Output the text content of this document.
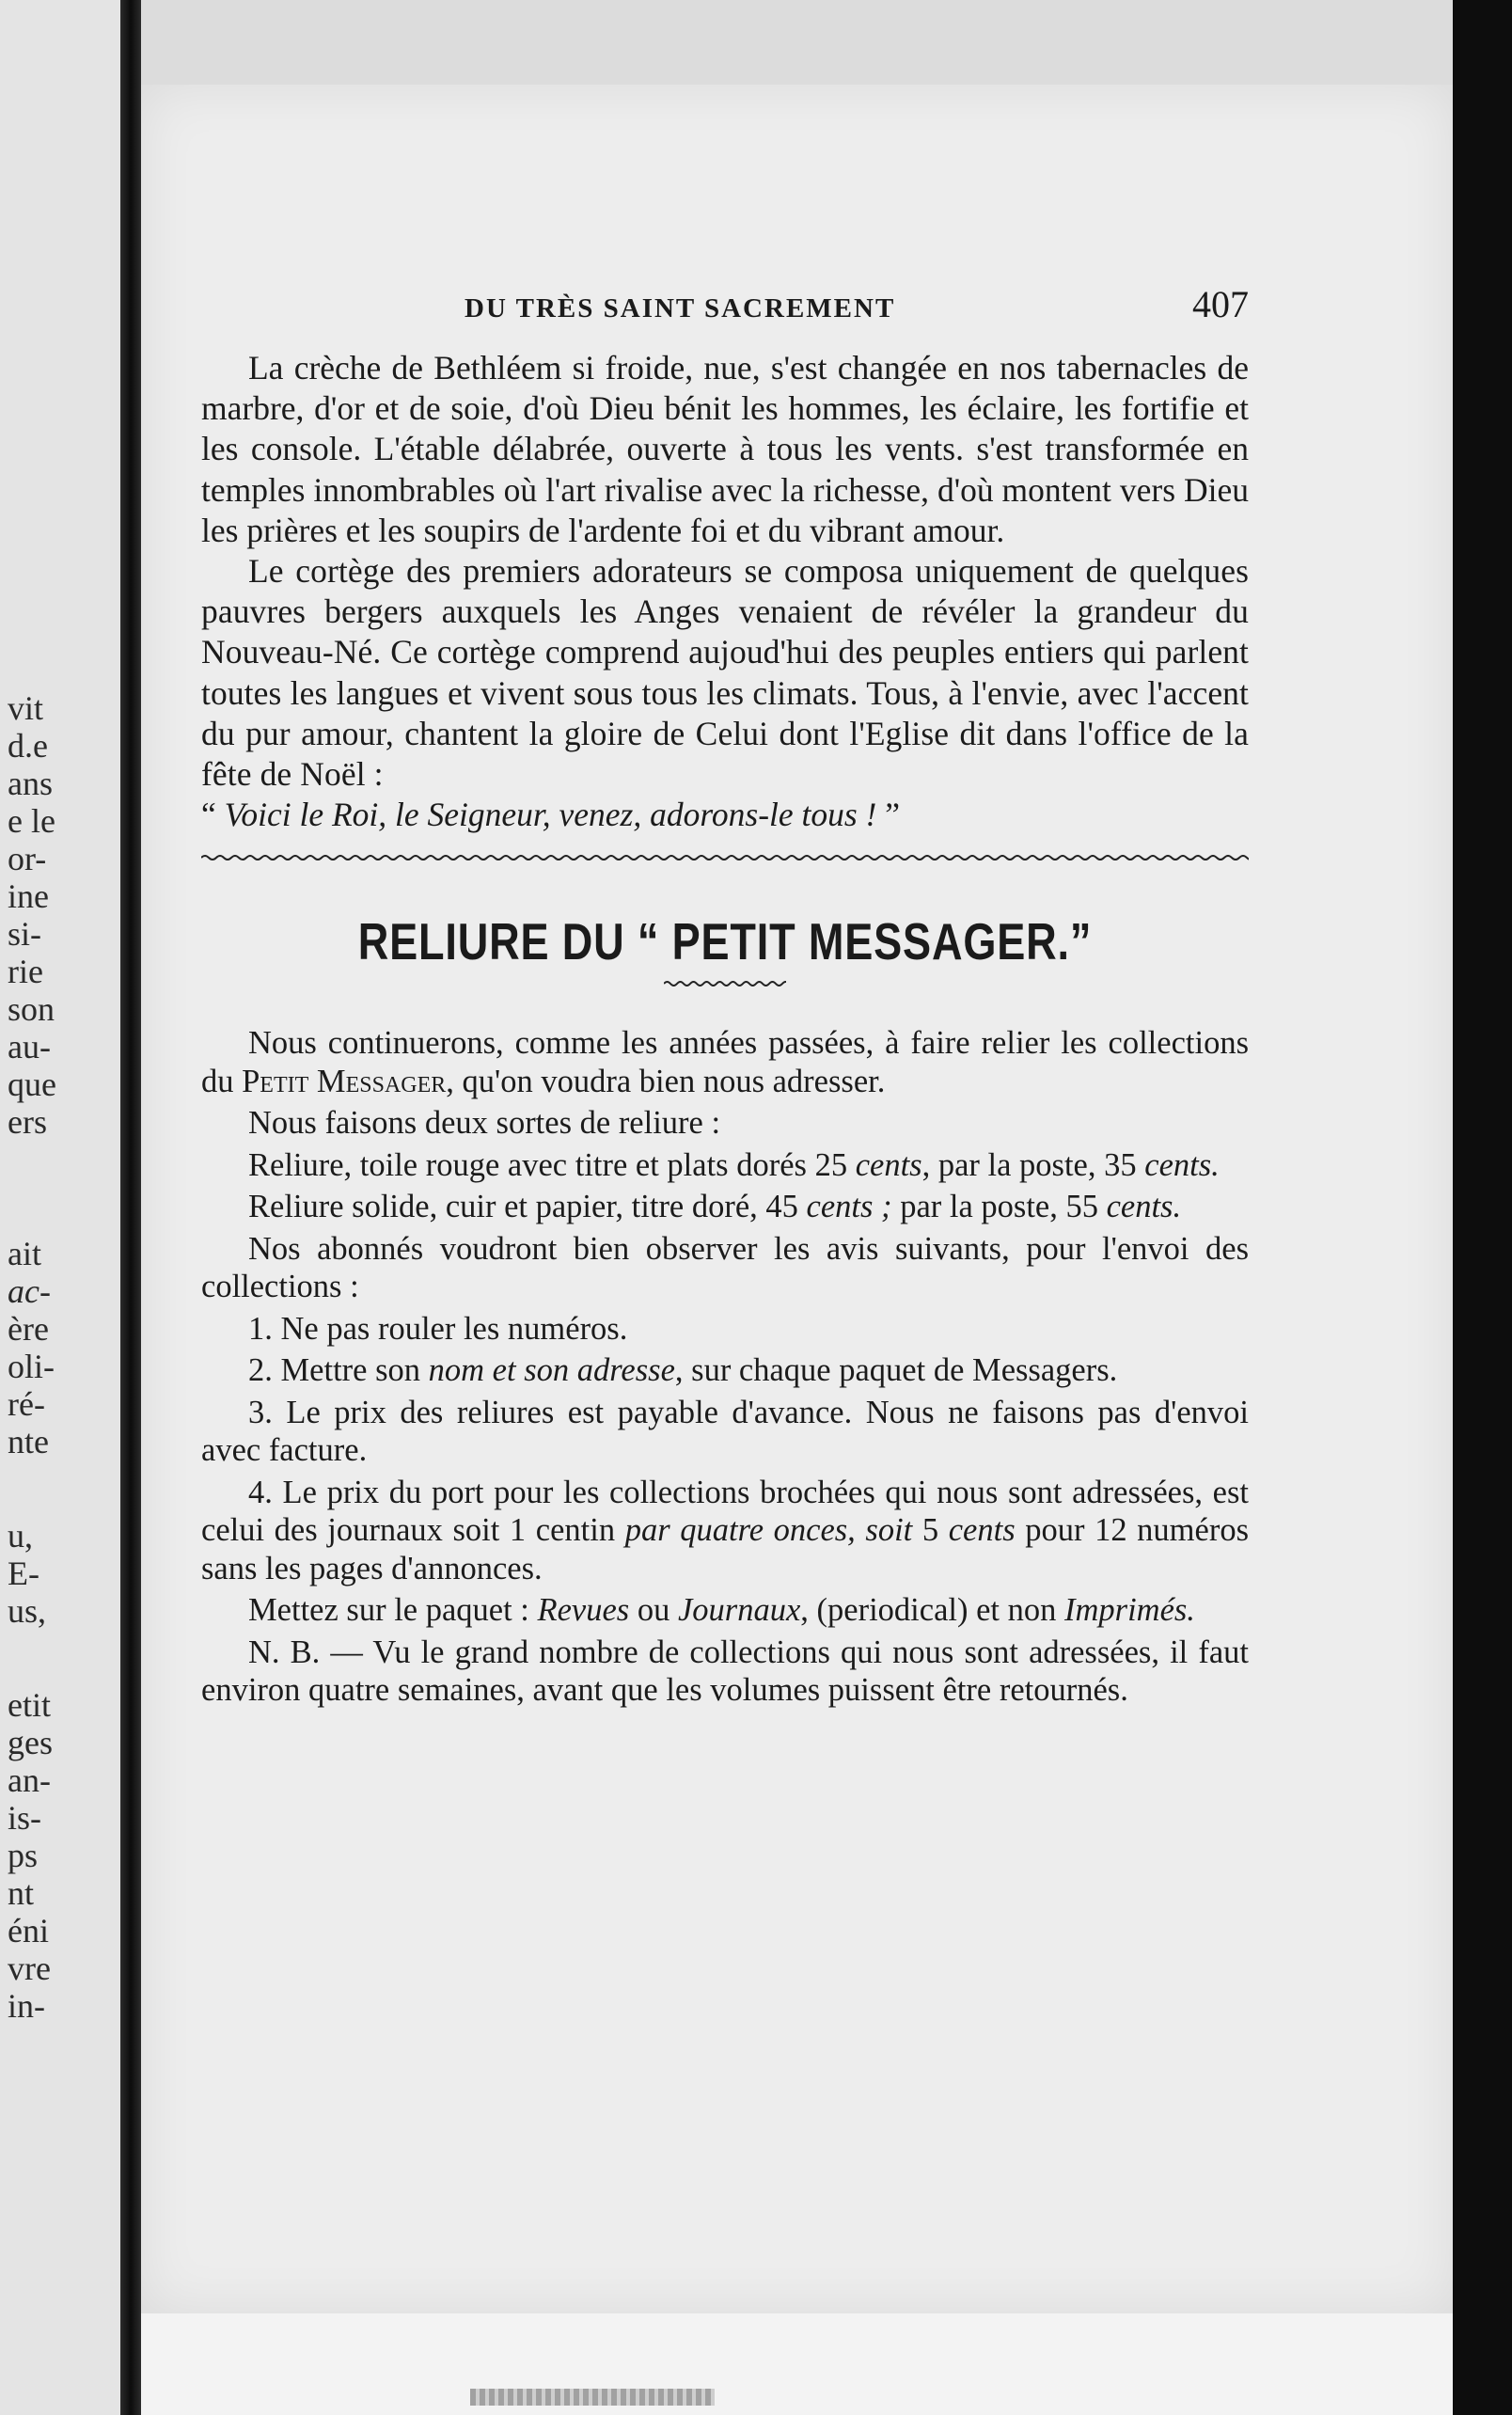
vit
d.e
ans
e le
or-
ine
si-
rie
son
au-
que
ers
ait
ac-
ère
oli-
ré-
nte
u,
E-
us,
etit
ges
an-
is-
ps
nt
éni
vre
in-
DU TRÈS SAINT SACREMENT	407

La crèche de Bethléem si froide, nue, s'est changée en nos tabernacles de marbre, d'or et de soie, d'où Dieu bénit les hommes, les éclaire, les fortifie et les console. L'étable délabrée, ouverte à tous les vents. s'est transformée en temples innombrables où l'art rivalise avec la richesse, d'où montent vers Dieu les prières et les soupirs de l'ardente foi et du vibrant amour.

Le cortège des premiers adorateurs se composa uniquement de quelques pauvres bergers auxquels les Anges venaient de révéler la grandeur du Nouveau-Né. Ce cortège comprend aujoud'hui des peuples entiers qui parlent toutes les langues et vivent sous tous les climats. Tous, à l'envie, avec l'accent du pur amour, chantent la gloire de Celui dont l'Eglise dit dans l'office de la fête de Noël :

“ Voici le Roi, le Seigneur, venez, adorons-le tous ! ”

RELIURE DU “ PETIT MESSAGER.”

Nous continuerons, comme les années passées, à faire relier les collections du Petit Messager, qu'on voudra bien nous adresser.

Nous faisons deux sortes de reliure :

Reliure, toile rouge avec titre et plats dorés 25 cents, par la poste, 35 cents.

Reliure solide, cuir et papier, titre doré, 45 cents ; par la poste, 55 cents.

Nos abonnés voudront bien observer les avis suivants, pour l'envoi des collections :

1. Ne pas rouler les numéros.

2. Mettre son nom et son adresse, sur chaque paquet de Messagers.

3. Le prix des reliures est payable d'avance. Nous ne faisons pas d'envoi avec facture.

4. Le prix du port pour les collections brochées qui nous sont adressées, est celui des journaux soit 1 centin par quatre onces, soit 5 cents pour 12 numéros sans les pages d'annonces.

Mettez sur le paquet : Revues ou Journaux, (periodical) et non Imprimés.

N. B. — Vu le grand nombre de collections qui nous sont adressées, il faut environ quatre semaines, avant que les volumes puissent être retournés.
